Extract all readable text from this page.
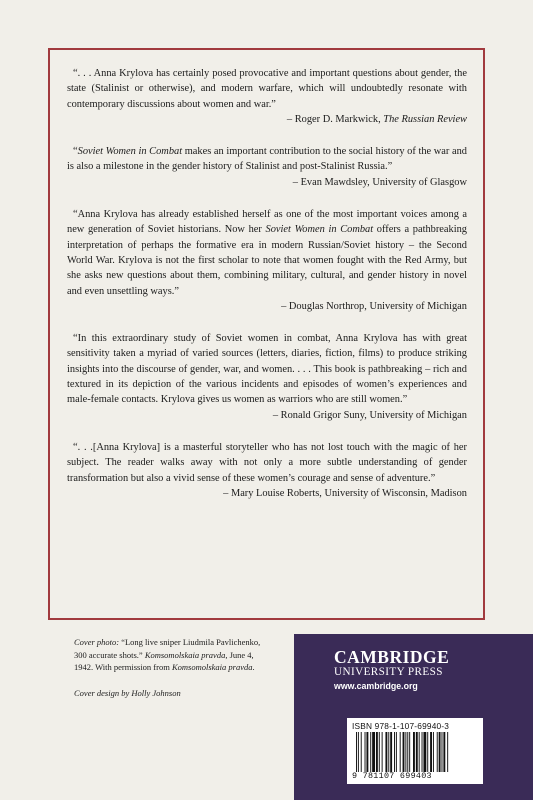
“. . . Anna Krylova has certainly posed provocative and important questions about gender, the state (Stalinist or otherwise), and modern warfare, which will undoubtedly resonate with contemporary discussions about women and war.”

– Roger D. Markwick, The Russian Review

“Soviet Women in Combat makes an important contribution to the social history of the war and is also a milestone in the gender history of Stalinist and post-Stalinist Russia.”

– Evan Mawdsley, University of Glasgow

“Anna Krylova has already established herself as one of the most important voices among a new generation of Soviet historians. Now her Soviet Women in Combat offers a pathbreaking interpretation of perhaps the formative era in modern Russian/Soviet history – the Second World War. Krylova is not the first scholar to note that women fought with the Red Army, but she asks new questions about them, combining military, cultural, and gender history in novel and even unsettling ways.”

– Douglas Northrop, University of Michigan

“In this extraordinary study of Soviet women in combat, Anna Krylova has with great sensitivity taken a myriad of varied sources (letters, diaries, fiction, films) to produce striking insights into the discourse of gender, war, and women. . . . This book is pathbreaking – rich and textured in its depiction of the various incidents and episodes of women’s experiences and male-female contacts. Krylova gives us women as warriors who are still women.”

– Ronald Grigor Suny, University of Michigan

“. . .[Anna Krylova] is a masterful storyteller who has not lost touch with the magic of her subject. The reader walks away with not only a more subtle understanding of gender transformation but also a vivid sense of these women’s courage and sense of adventure.”

– Mary Louise Roberts, University of Wisconsin, Madison
Cover photo: “Long live sniper Liudmila Pavlichenko, 300 accurate shots.” Komsomolskaia pravda, June 4, 1942. With permission from Komsomolskaia pravda.
Cover design by Holly Johnson
CAMBRIDGE
UNIVERSITY PRESS
www.cambridge.org
ISBN 978-1-107-69940-3
9 781107 699403
